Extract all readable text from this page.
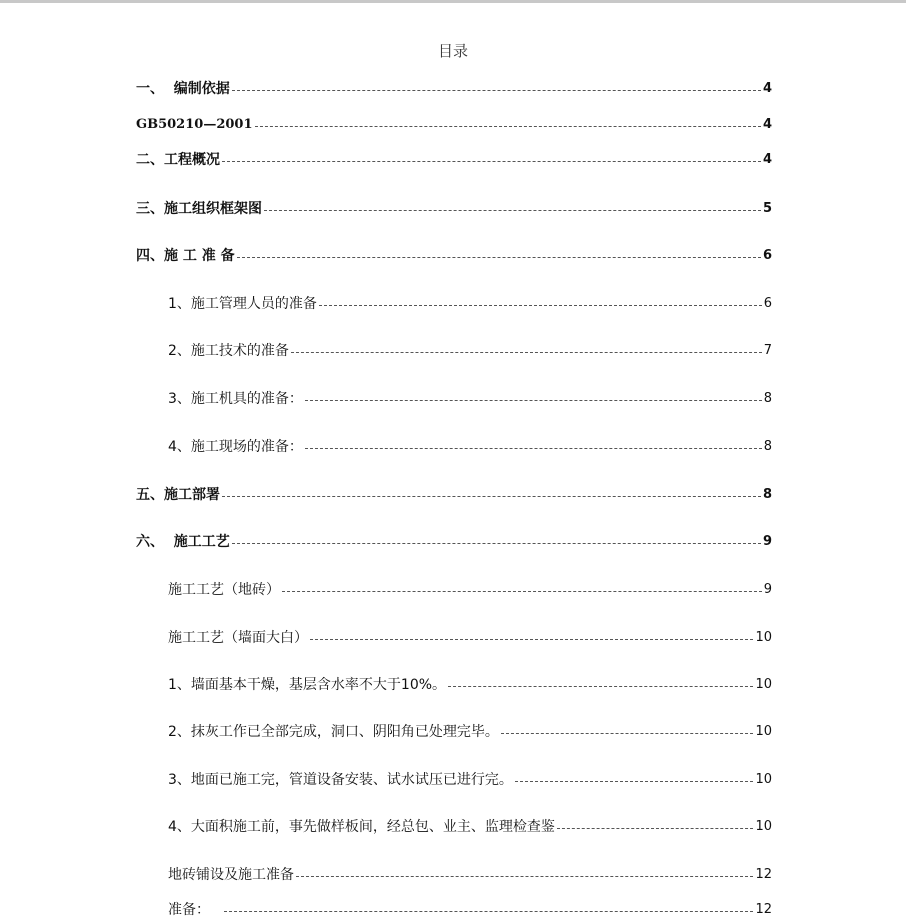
目录
一、  编制依据	4
GB50210—2001	4
二、工程概况	4
三、施工组织框架图	5
四、施 工 准 备	6
1、施工管理人员的准备	6
2、施工技术的准备	7
3、施工机具的准备：	8
4、施工现场的准备：	8
五、施工部署	8
六、  施工工艺	9
施工工艺（地砖）	9
施工工艺（墙面大白）	10
1、墙面基本干燥，基层含水率不大于10%。	10
2、抹灰工作已全部完成，洞口、阴阳角已处理完毕。	10
3、地面已施工完，管道设备安装、试水试压已进行完。	10
4、大面积施工前，事先做样板间，经总包、业主、监理检查鉴	10
地砖铺设及施工准备	12
准备：	12
